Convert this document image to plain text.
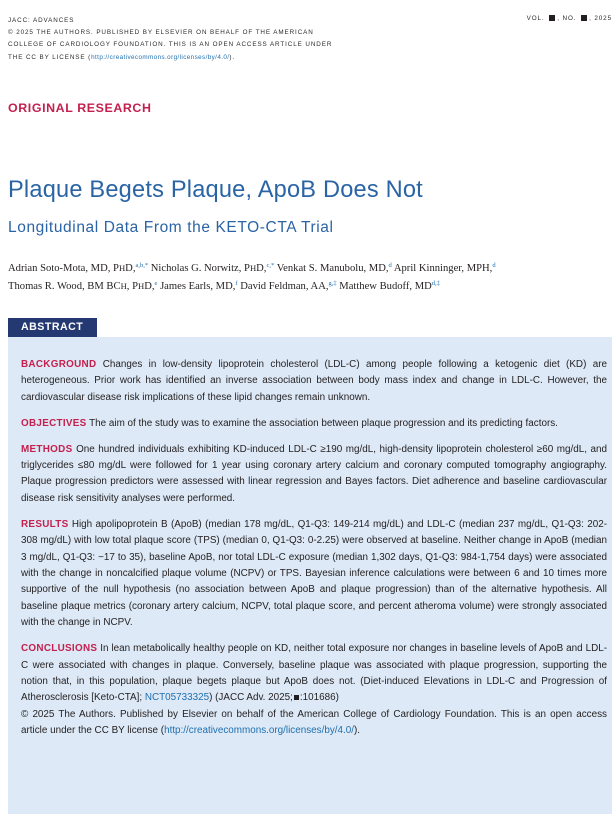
JACC: ADVANCES
© 2025 THE AUTHORS. PUBLISHED BY ELSEVIER ON BEHALF OF THE AMERICAN
COLLEGE OF CARDIOLOGY FOUNDATION. THIS IS AN OPEN ACCESS ARTICLE UNDER
THE CC BY LICENSE (http://creativecommons.org/licenses/by/4.0/).
VOL. , NO. , 2025
ORIGINAL RESEARCH
Plaque Begets Plaque, ApoB Does Not
Longitudinal Data From the KETO-CTA Trial
Adrian Soto-Mota, MD, PHD,$^{a,b,*}$ Nicholas G. Norwitz, PHD,$^{c,*}$ Venkat S. Manubolu, MD,$^d$ April Kinninger, MPH,$^d$
Thomas R. Wood, BM BCH, PHD,$^e$ James Earls, MD,$^f$ David Feldman, AA,$^{g,\ddagger}$ Matthew Budoff, $MD^{d,\ddagger}$
ABSTRACT

BACKGROUND Changes in low-density lipoprotein cholesterol (LDL-C) among people following a ketogenic diet (KD) are heterogeneous. Prior work has identified an inverse association between body mass index and change in LDL-C. However, the cardiovascular disease risk implications of these lipid changes remain unknown.

OBJECTIVES The aim of the study was to examine the association between plaque progression and its predicting factors.

METHODS One hundred individuals exhibiting KD-induced LDL-C ≥190 mg/dL, high-density lipoprotein cholesterol ≥60 mg/dL, and triglycerides ≤80 mg/dL were followed for 1 year using coronary artery calcium and coronary computed tomography angiography. Plaque progression predictors were assessed with linear regression and Bayes factors. Diet adherence and baseline cardiovascular disease risk sensitivity analyses were performed.

RESULTS High apolipoprotein B (ApoB) (median 178 mg/dL, Q1-Q3: 149-214 mg/dL) and LDL-C (median 237 mg/dL, Q1-Q3: 202-308 mg/dL) with low total plaque score (TPS) (median 0, Q1-Q3: 0-2.25) were observed at baseline. Neither change in ApoB (median 3 mg/dL, Q1-Q3: −17 to 35), baseline ApoB, nor total LDL-C exposure (median 1,302 days, Q1-Q3: 984-1,754 days) were associated with the change in noncalcified plaque volume (NCPV) or TPS. Bayesian inference calculations were between 6 and 10 times more supportive of the null hypothesis (no association between ApoB and plaque progression) than of the alternative hypothesis. All baseline plaque metrics (coronary artery calcium, NCPV, total plaque score, and percent atheroma volume) were strongly associated with the change in NCPV.

CONCLUSIONS In lean metabolically healthy people on KD, neither total exposure nor changes in baseline levels of ApoB and LDL-C were associated with changes in plaque. Conversely, baseline plaque was associated with plaque progression, supporting the notion that, in this population, plaque begets plaque but ApoB does not. (Diet-induced Elevations in LDL-C and Progression of Atherosclerosis [Keto-CTA]; NCT05733325) (JACC Adv. 2025; :101686)
© 2025 The Authors. Published by Elsevier on behalf of the American College of Cardiology Foundation. This is an open access article under the CC BY license (http://creativecommons.org/licenses/by/4.0/).
